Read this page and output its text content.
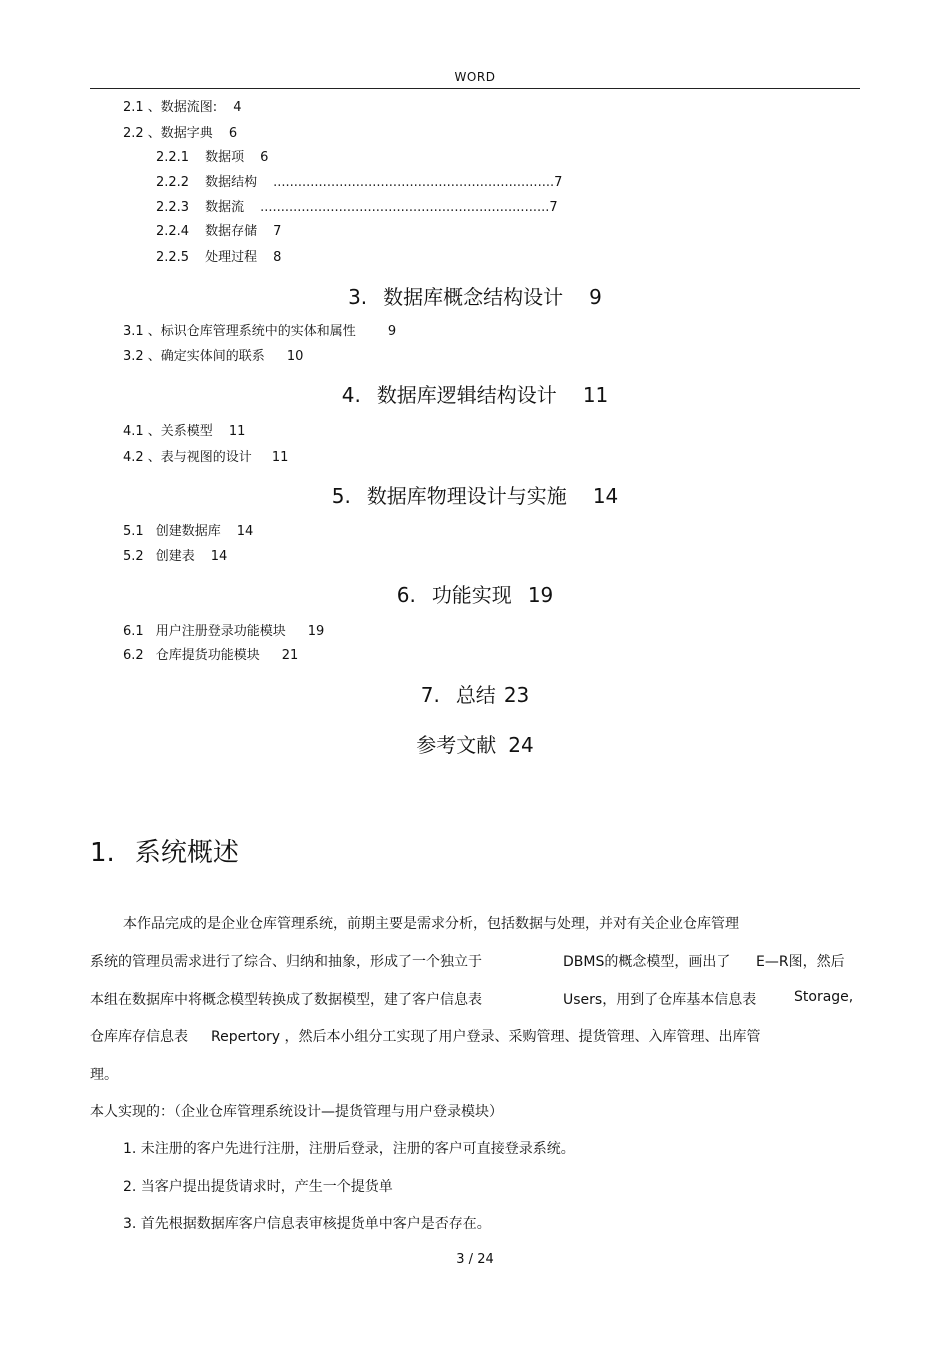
WORD
2.1 、数据流图: 4
2.2 、数据字典 6
2.2.1 数据项 6
2.2.2 数据结构 ....................................................................7
2.2.3 数据流 ......................................................................7
2.2.4 数据存储 7
2.2.5 处理过程 8
3. 数据库概念结构设计 9
3.1 、标识仓库管理系统中的实体和属性 9
3.2 、确定实体间的联系 10
4. 数据库逻辑结构设计 11
4.1 、关系模型 11
4.2 、表与视图的设计 11
5. 数据库物理设计与实施 14
5.1 创建数据库 14
5.2 创建表 14
6. 功能实现 19
6.1 用户注册登录功能模块 19
6.2 仓库提货功能模块 21
7. 总结 23
参考文献 24
1. 系统概述
本作品完成的是企业仓库管理系统，前期主要是需求分析，包括数据与处理，并对有关企业仓库管理
系统的管理员需求进行了综合、归纳和抽象，形成了一个独立于	DBMS的概念模型，画出了 E—R图，然后
本组在数据库中将概念模型转换成了数据模型，建了客户信息表	Users，用到了仓库基本信息表	Storage,
仓库库存信息表 Repertory ，然后本小组分工实现了用户登录、采购管理、提货管理、入库管理、出库管
理。
本人实现的：（企业仓库管理系统设计—提货管理与用户登录模块）
1. 未注册的客户先进行注册，注册后登录，注册的客户可直接登录系统。
2. 当客户提出提货请求时，产生一个提货单
3. 首先根据数据库客户信息表审核提货单中客户是否存在。
3 / 24
